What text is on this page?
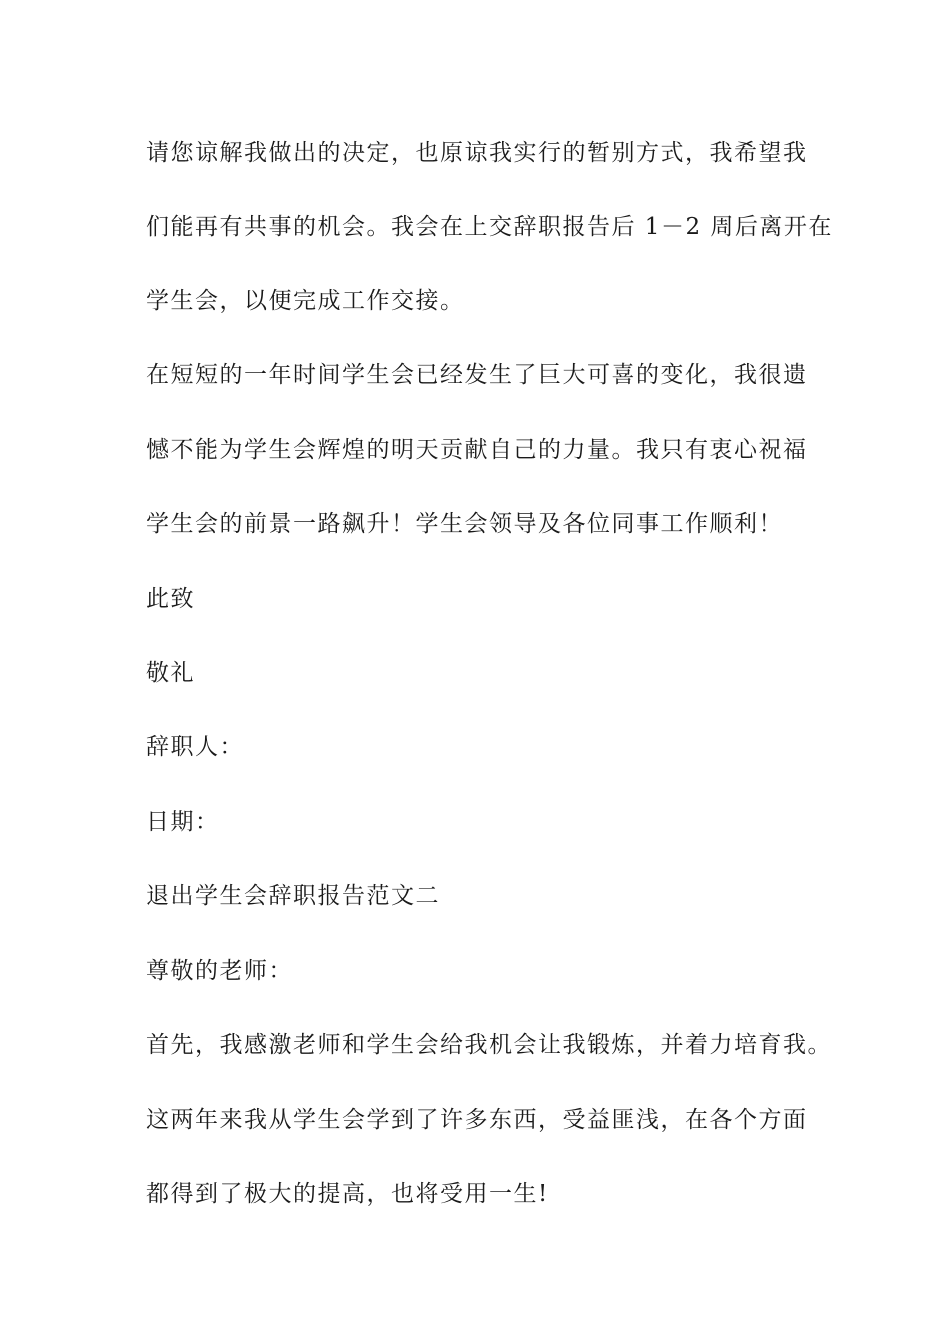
请您谅解我做出的决定，也原谅我实行的暂别方式，我希望我
们能再有共事的机会。我会在上交辞职报告后 1－2 周后离开在
学生会，以便完成工作交接。
在短短的一年时间学生会已经发生了巨大可喜的变化，我很遗
憾不能为学生会辉煌的明天贡献自己的力量。我只有衷心祝福
学生会的前景一路飙升！学生会领导及各位同事工作顺利！
此致
敬礼
辞职人：
日期：
退出学生会辞职报告范文二
尊敬的老师：
首先，我感激老师和学生会给我机会让我锻炼，并着力培育我。
这两年来我从学生会学到了许多东西，受益匪浅，在各个方面
都得到了极大的提高，也将受用一生!
